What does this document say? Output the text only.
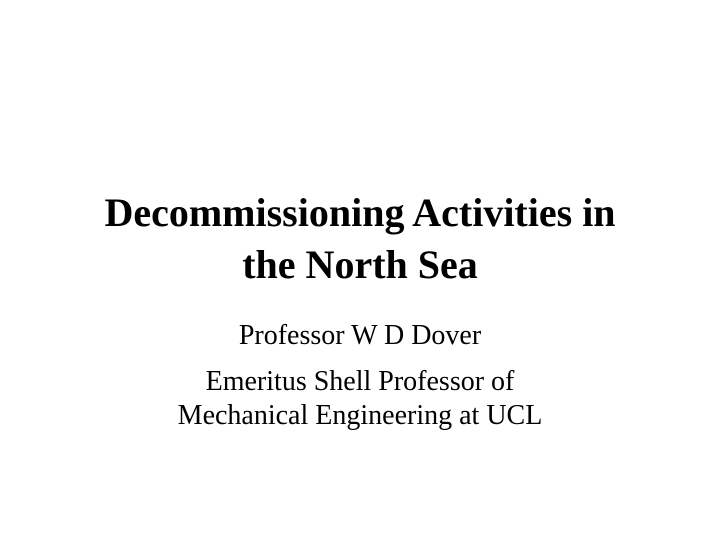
Decommissioning Activities in
the North Sea
Professor W D Dover
Emeritus Shell Professor of
Mechanical Engineering at UCL
